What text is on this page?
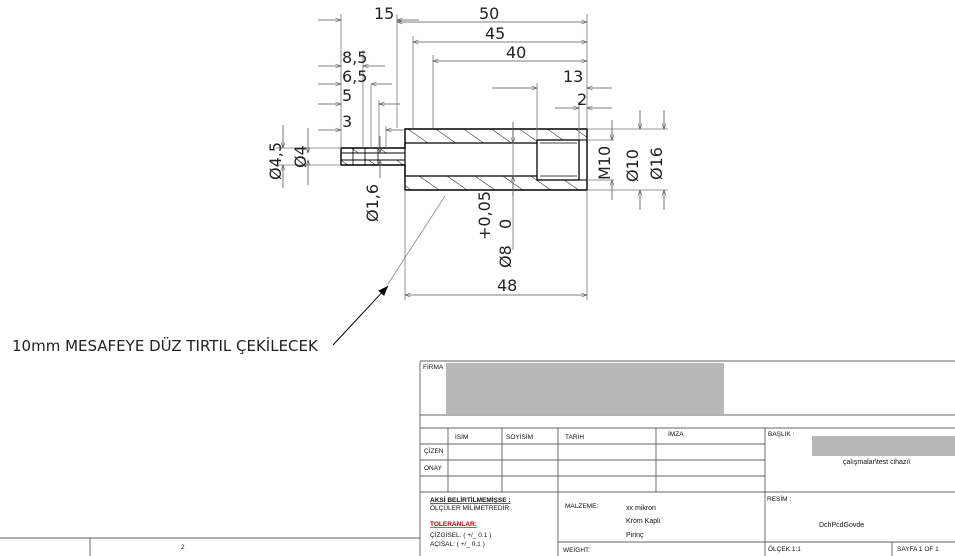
15	50
45
40
8,5
6,5
5
3
13
2
48
Ø4,5 Ø4
Ø1,6	+0,05 0
Ø8
M10 Ø10 Ø16
10mm MESAFEYE DÜZ TIRTIL ÇEKİLECEK
FİRMA
İSİM	SOYİSİM	TARİH	İMZA
ÇİZEN
ONAY
BAŞLIK :
çalışmalar\test cihazı\
AKSİ BELİRTİLMEMİŞSE :
ÖLÇÜLER MİLİMETREDİR
TOLERANLAR:
ÇİZGİSEL: ( +/_ 0.1 )
AÇISAL: ( +/_ 0.1 )
MALZEME:	xx mikron
Krom Kaplı
Pirinç
RESİM :
DchPcdGovde
WEIGHT:	ÖLÇEK:1:1	SAYFA 1 OF 1
2
